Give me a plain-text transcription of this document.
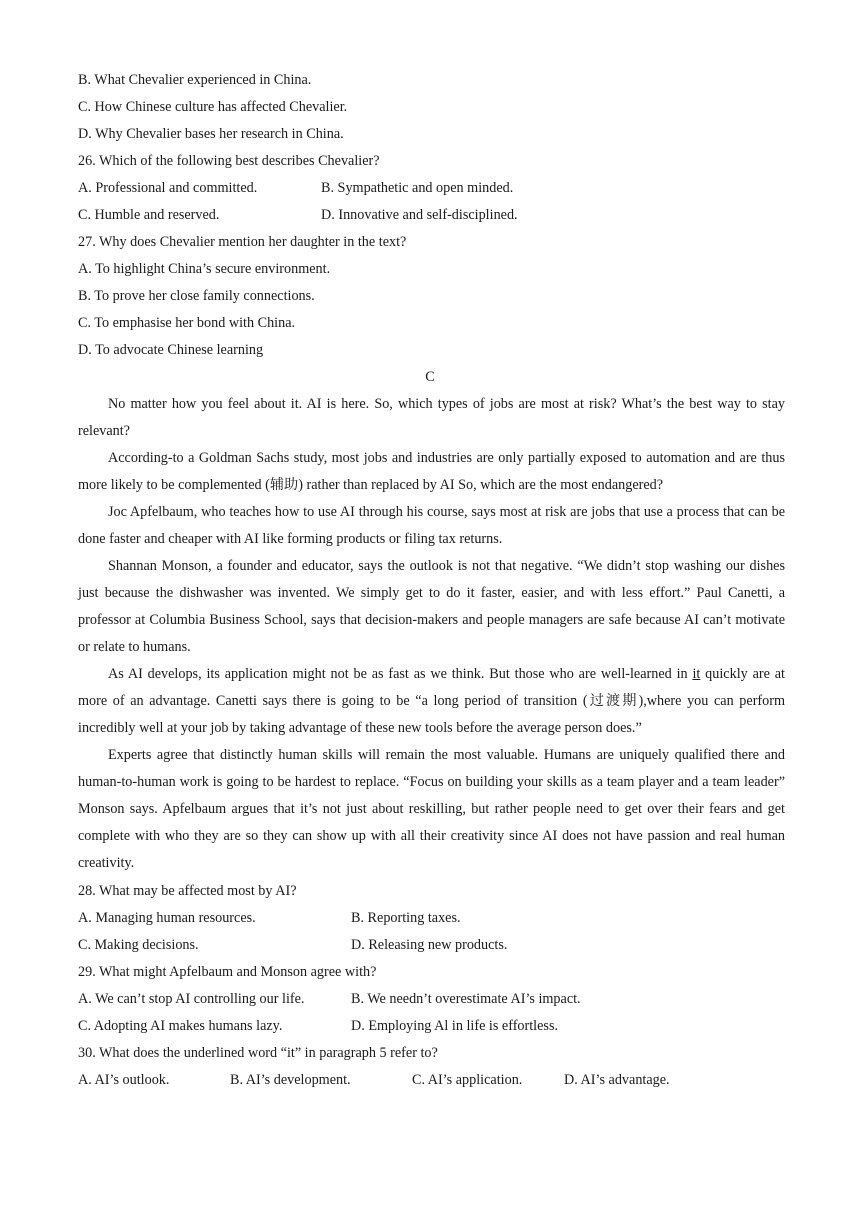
B. What Chevalier experienced in China.
C. How Chinese culture has affected Chevalier.
D. Why Chevalier bases her research in China.
26. Which of the following best describes Chevalier?
A. Professional and committed.	B. Sympathetic and open minded.
C. Humble and reserved.	D. Innovative and self-disciplined.
27. Why does Chevalier mention her daughter in the text?
A. To highlight China’s secure environment.
B. To prove her close family connections.
C. To emphasise her bond with China.
D. To advocate Chinese learning
C
No matter how you feel about it. AI is here. So, which types of jobs are most at risk? What’s the best way to stay relevant?
According-to a Goldman Sachs study, most jobs and industries are only partially exposed to automation and are thus more likely to be complemented (辅助) rather than replaced by AI So, which are the most endangered?
Joc Apfelbaum, who teaches how to use AI through his course, says most at risk are jobs that use a process that can be done faster and cheaper with AI like forming products or filing tax returns.
Shannan Monson, a founder and educator, says the outlook is not that negative. “We didn’t stop washing our dishes just because the dishwasher was invented. We simply get to do it faster, easier, and with less effort.” Paul Canetti, a professor at Columbia Business School, says that decision-makers and people managers are safe because AI can’t motivate or relate to humans.
As AI develops, its application might not be as fast as we think. But those who are well-learned in it quickly are at more of an advantage. Canetti says there is going to be “a long period of transition (过渡期),where you can perform incredibly well at your job by taking advantage of these new tools before the average person does.”
Experts agree that distinctly human skills will remain the most valuable. Humans are uniquely qualified there and human-to-human work is going to be hardest to replace. “Focus on building your skills as a team player and a team leader” Monson says. Apfelbaum argues that it’s not just about reskilling, but rather people need to get over their fears and get complete with who they are so they can show up with all their creativity since AI does not have passion and real human creativity.
28. What may be affected most by AI?
A. Managing human resources.	B. Reporting taxes.
C. Making decisions.	D. Releasing new products.
29. What might Apfelbaum and Monson agree with?
A. We can’t stop AI controlling our life.	B. We needn’t overestimate AI’s impact.
C. Adopting AI makes humans lazy.	D. Employing Al in life is effortless.
30. What does the underlined word “it” in paragraph 5 refer to?
A. AI’s outlook.	B. AI’s development.	C. AI’s application.	D. AI’s advantage.
